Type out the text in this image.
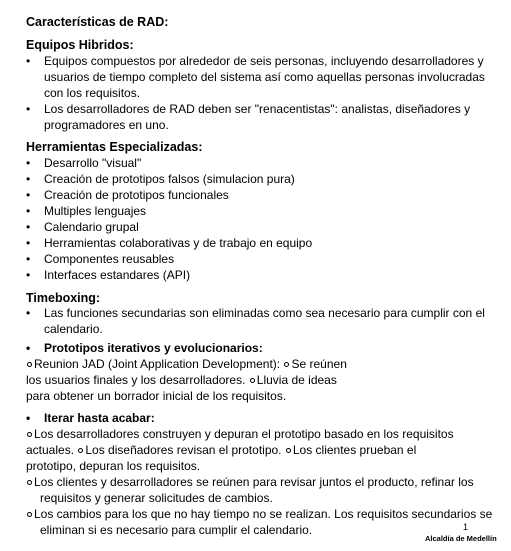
Características de RAD:
Equipos Hibridos:
• Equipos compuestos por alrededor de seis personas, incluyendo desarrolladores y usuarios de tiempo completo del sistema así como aquellas personas involucradas con los requisitos.
• Los desarrolladores de RAD deben ser "renacentistas": analistas, diseñadores y programadores en uno.
Herramientas Especializadas:
• Desarrollo "visual"
• Creación de prototipos falsos (simulacion pura)
• Creación de prototipos funcionales
• Multiples lenguajes
• Calendario grupal
• Herramientas colaborativas y de trabajo en equipo
• Componentes reusables
• Interfaces estandares (API)
Timeboxing:
• Las funciones secundarias son eliminadas como sea necesario para cumplir con el calendario.
• Prototipos iterativos y evolucionarios:
Reunion JAD (Joint Application Development): Se reúnen
los usuarios finales y los desarrolladores. Lluvia de ideas
para obtener un borrador inicial de los requisitos.
• Iterar hasta acabar:
Los desarrolladores construyen y depuran el prototipo basado en los requisitos
actuales. Los diseñadores revisan el prototipo. Los clientes prueban el
prototipo, depuran los requisitos.
Los clientes y desarrolladores se reúnen para revisar juntos el producto, refinar los
requisitos y generar solicitudes de cambios.
Los cambios para los que no hay tiempo no se realizan. Los requisitos secundarios se
eliminan si es necesario para cumplir el calendario.	1
Alcaldía de Medellín
